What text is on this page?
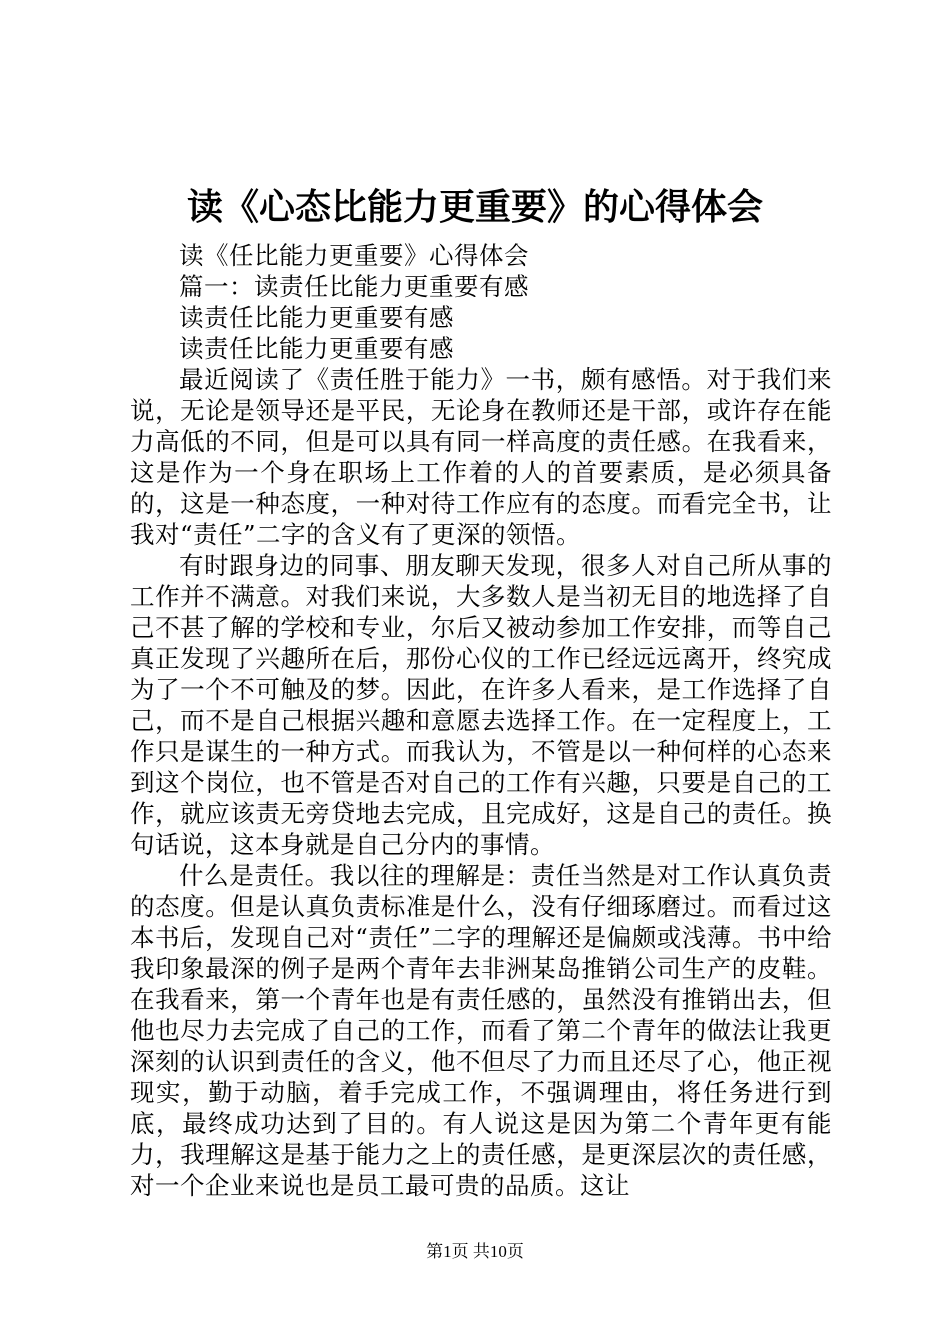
读《心态比能力更重要》的心得体会

读《任比能力更重要》心得体会

篇一：读责任比能力更重要有感

读责任比能力更重要有感

读责任比能力更重要有感

最近阅读了《责任胜于能力》一书，颇有感悟。对于我们来说，无论是领导还是平民，无论身在教师还是干部，或许存在能力高低的不同，但是可以具有同一样高度的责任感。在我看来，这是作为一个身在职场上工作着的人的首要素质，是必须具备的，这是一种态度，一种对待工作应有的态度。而看完全书，让我对“责任”二字的含义有了更深的领悟。

有时跟身边的同事、朋友聊天发现，很多人对自己所从事的工作并不满意。对我们来说，大多数人是当初无目的地选择了自己不甚了解的学校和专业，尔后又被动参加工作安排，而等自己真正发现了兴趣所在后，那份心仪的工作已经远远离开，终究成为了一个不可触及的梦。因此，在许多人看来，是工作选择了自己，而不是自己根据兴趣和意愿去选择工作。在一定程度上，工作只是谋生的一种方式。而我认为，不管是以一种何样的心态来到这个岗位，也不管是否对自己的工作有兴趣，只要是自己的工作，就应该责无旁贷地去完成，且完成好，这是自己的责任。换句话说，这本身就是自己分内的事情。

什么是责任。我以往的理解是：责任当然是对工作认真负责的态度。但是认真负责标准是什么，没有仔细琢磨过。而看过这本书后，发现自己对“责任”二字的理解还是偏颇或浅薄。书中给我印象最深的例子是两个青年去非洲某岛推销公司生产的皮鞋。在我看来，第一个青年也是有责任感的，虽然没有推销出去，但他也尽力去完成了自己的工作，而看了第二个青年的做法让我更深刻的认识到责任的含义，他不但尽了力而且还尽了心，他正视现实，勤于动脑，着手完成工作，不强调理由，将任务进行到底，最终成功达到了目的。有人说这是因为第二个青年更有能力，我理解这是基于能力之上的责任感，是更深层次的责任感，对一个企业来说也是员工最可贵的品质。这让

第1页 共10页
